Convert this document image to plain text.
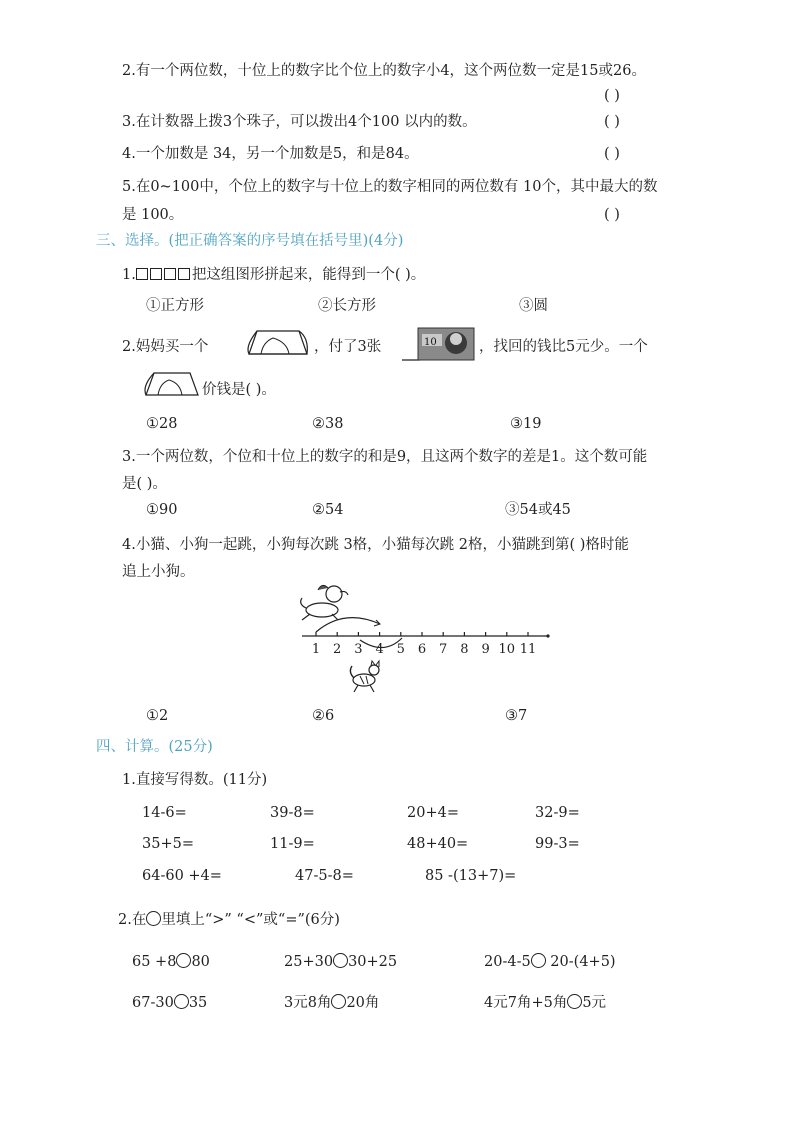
2.有一个两位数，十位上的数字比个位上的数字小4，这个两位数一定是15或26。
( )
3.在计数器上拨3个珠子，可以拨出4个100 以内的数。	( )
4.一个加数是 34，另一个加数是5，和是84。	( )
5.在0~100中，个位上的数字与十位上的数字相同的两位数有 10个，其中最大的数
是 100。	( )
三、选择。(把正确答案的序号填在括号里)(4分)
1.	把这组图形拼起来，能得到一个( )。
①正方形	②长方形	③圆
2.妈妈买一个	，付了3张	10	，找回的钱比5元少。一个
价钱是( )。
①28	②38	③19
3.一个两位数，个位和十位上的数字的和是9，且这两个数字的差是1。这个数可能
是( )。
①90	②54	③54或45
4.小猫、小狗一起跳，小狗每次跳 3格，小猫每次跳 2格，小猫跳到第( )格时能
追上小狗。
1 2 3 4 5 6 7 8 9 10 11
①2	②6	③7
四、计算。(25分)
1.直接写得数。(11分)
14-6=	39-8=	20+4=	32-9=
35+5=	11-9=	48+40=	99-3=
64-60 +4=	47-5-8=	85 -(13+7)=
2.在 里填上“>” “<”或“=”(6分)
65 +8 80	25+30 30+25	20-4-5 20-(4+5)
67-30 35	3元8角 20角	4元7角+5角 5元
